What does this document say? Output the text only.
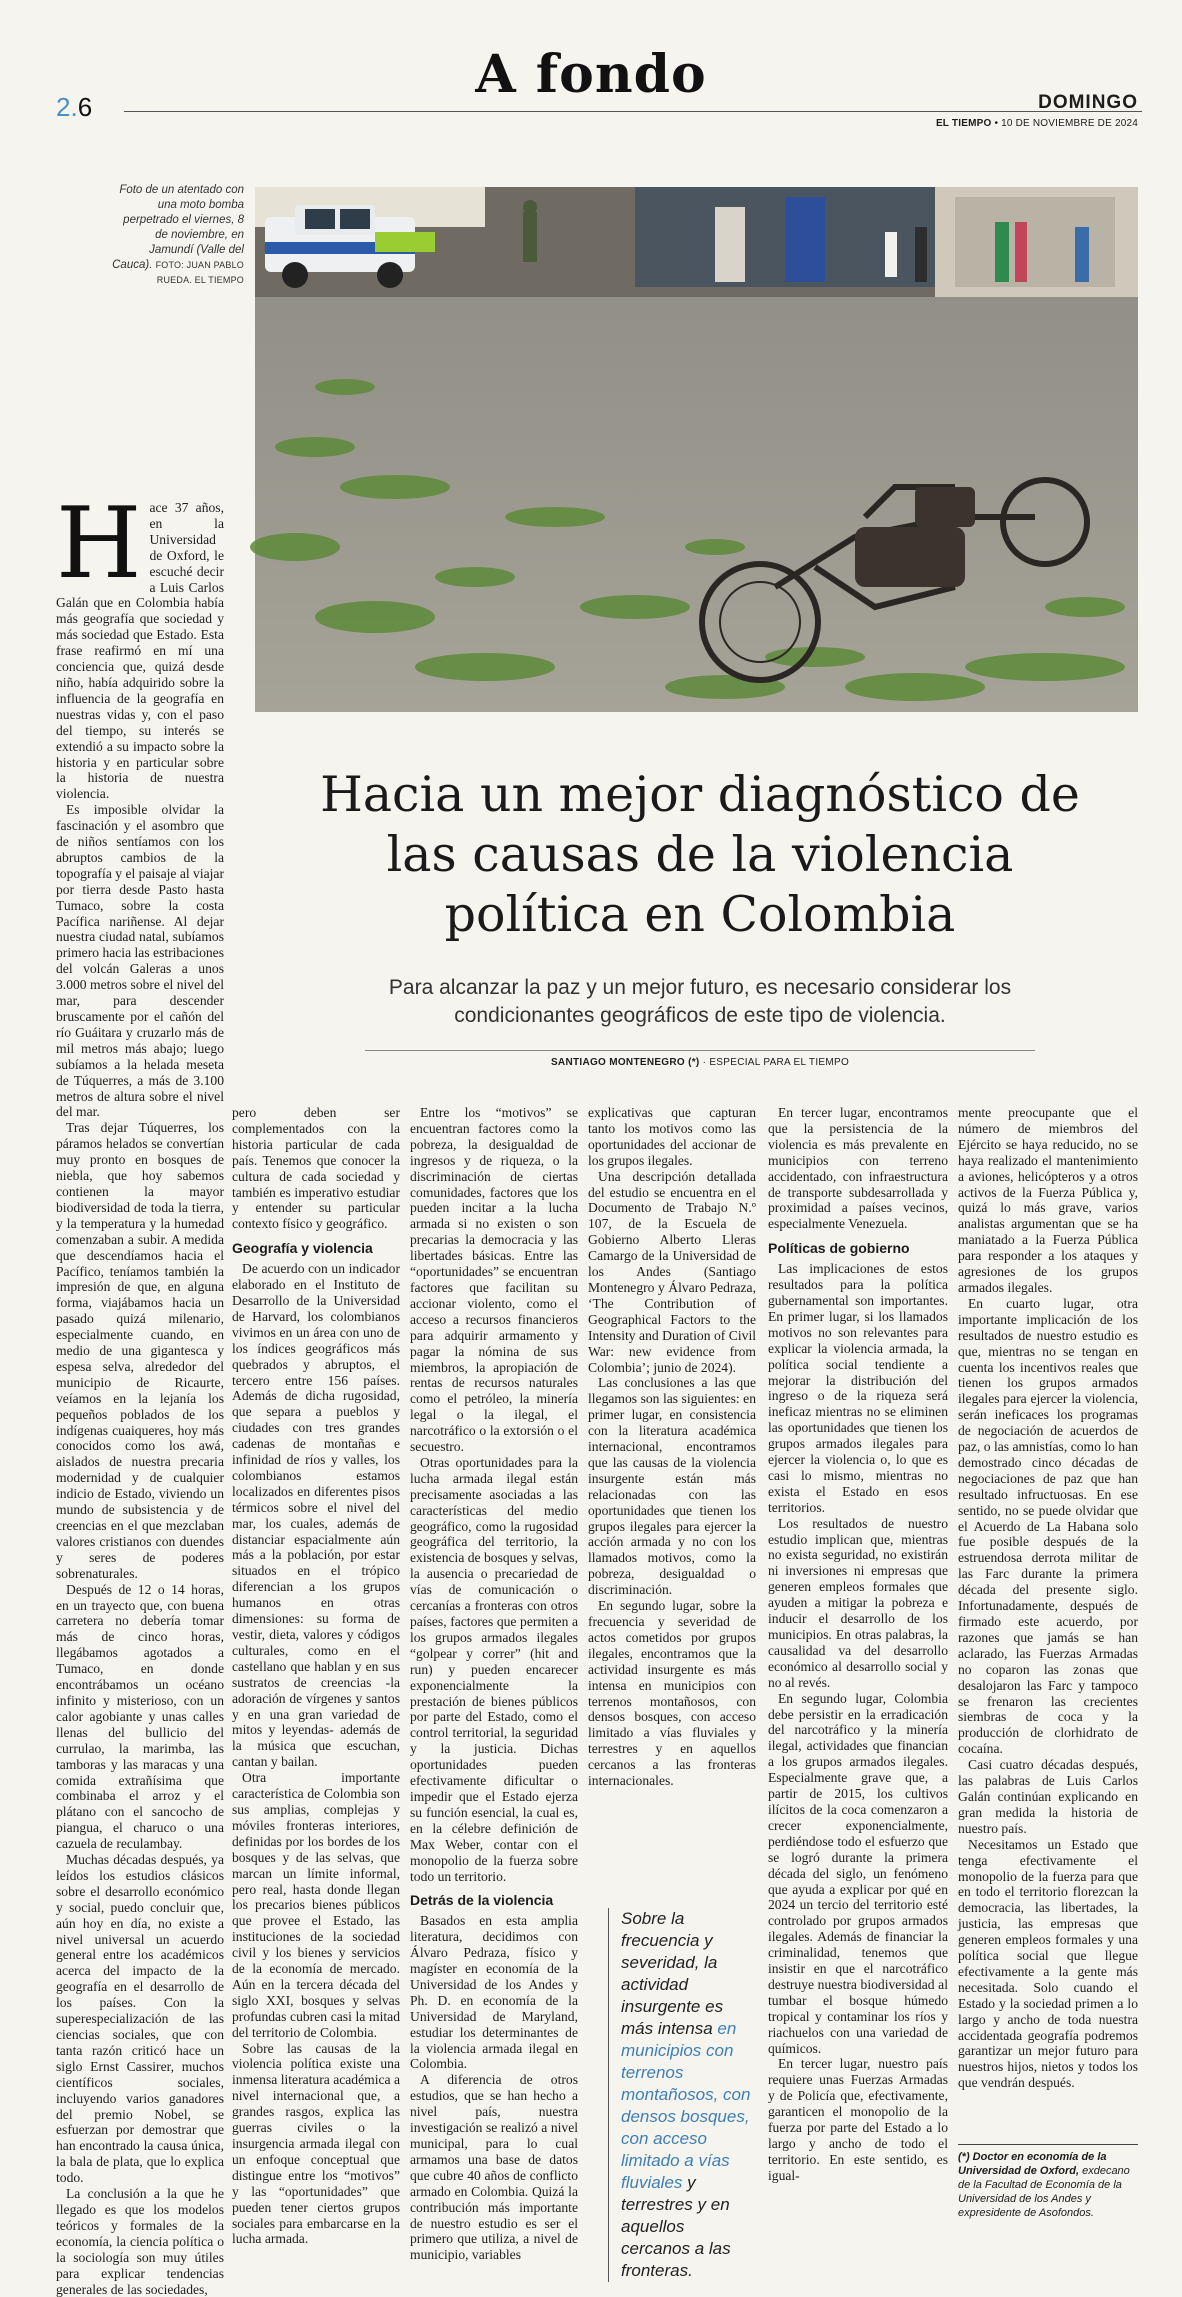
A fondo
2.6	DOMINGO
EL TIEMPO • 10 DE NOVIEMBRE DE 2024
Foto de un atentado con una moto bomba perpetrado el viernes, 8 de noviembre, en Jamundí (Valle del Cauca). FOTO: JUAN PABLO RUEDA. EL TIEMPO
Hacia un mejor diagnóstico de las causas de la violencia política en Colombia
Para alcanzar la paz y un mejor futuro, es necesario considerar los condicionantes geográficos de este tipo de violencia.
SANTIAGO MONTENEGRO (*) · ESPECIAL PARA EL TIEMPO
H ace 37 años, en la Universidad de Oxford, le escuché decir a Luis Carlos Galán que en Colombia había más geografía que sociedad y más sociedad que Estado. Esta frase reafirmó en mí una conciencia que, quizá desde niño, había adquirido sobre la influencia de la geografía en nuestras vidas y, con el paso del tiempo, su interés se extendió a su impacto sobre la historia y en particular sobre la historia de nuestra violencia.

Es imposible olvidar la fascinación y el asombro que de niños sentíamos con los abruptos cambios de la topografía y el paisaje al viajar por tierra desde Pasto hasta Tumaco, sobre la costa Pacífica nariñense. Al dejar nuestra ciudad natal, subíamos primero hacia las estribaciones del volcán Galeras a unos 3.000 metros sobre el nivel del mar, para descender bruscamente por el cañón del río Guáitara y cruzarlo más de mil metros más abajo; luego subíamos a la helada meseta de Túquerres, a más de 3.100 metros de altura sobre el nivel del mar.

Tras dejar Túquerres, los páramos helados se convertían muy pronto en bosques de niebla, que hoy sabemos contienen la mayor biodiversidad de toda la tierra, y la temperatura y la humedad comenzaban a subir. A medida que descendíamos hacia el Pacífico, teníamos también la impresión de que, en alguna forma, viajábamos hacia un pasado quizá milenario, especialmente cuando, en medio de una gigantesca y espesa selva, alrededor del municipio de Ricaurte, veíamos en la lejanía los pequeños poblados de los indígenas cuaiqueres, hoy más conocidos como los awá, aislados de nuestra precaria modernidad y de cualquier indicio de Estado, viviendo un mundo de subsistencia y de creencias en el que mezclaban valores cristianos con duendes y seres de poderes sobrenaturales.

Después de 12 o 14 horas, en un trayecto que, con buena carretera no debería tomar más de cinco horas, llegábamos agotados a Tumaco, en donde encontrábamos un océano infinito y misterioso, con un calor agobiante y unas calles llenas del bullicio del currulao, la marimba, las tamboras y las maracas y una comida extrañísima que combinaba el arroz y el plátano con el sancocho de piangua, el charuco o una cazuela de reculambay.

Muchas décadas después, ya leídos los estudios clásicos sobre el desarrollo económico y social, puedo concluir que, aún hoy en día, no existe a nivel universal un acuerdo general entre los académicos acerca del impacto de la geografía en el desarrollo de los países. Con la superespecialización de las ciencias sociales, que con tanta razón criticó hace un siglo Ernst Cassirer, muchos científicos sociales, incluyendo varios ganadores del premio Nobel, se esfuerzan por demostrar que han encontrado la causa única, la bala de plata, que lo explica todo.

La conclusión a la que he llegado es que los modelos teóricos y formales de la economía, la ciencia política o la sociología son muy útiles para explicar tendencias generales de las sociedades,

pero deben ser complementados con la historia particular de cada país. Tenemos que conocer la cultura de cada sociedad y también es imperativo estudiar y entender su particular contexto físico y geográfico.

Geografía y violencia

De acuerdo con un indicador elaborado en el Instituto de Desarrollo de la Universidad de Harvard, los colombianos vivimos en un área con uno de los índices geográficos más quebrados y abruptos, el tercero entre 156 países. Además de dicha rugosidad, que separa a pueblos y ciudades con tres grandes cadenas de montañas e infinidad de ríos y valles, los colombianos estamos localizados en diferentes pisos térmicos sobre el nivel del mar, los cuales, además de distanciar espacialmente aún más a la población, por estar situados en el trópico diferencian a los grupos humanos en otras dimensiones: su forma de vestir, dieta, valores y códigos culturales, como en el castellano que hablan y en sus sustratos de creencias -la adoración de vírgenes y santos y en una gran variedad de mitos y leyendas- además de la música que escuchan, cantan y bailan.

Otra importante característica de Colombia son sus amplias, complejas y móviles fronteras interiores, definidas por los bordes de los bosques y de las selvas, que marcan un límite informal, pero real, hasta donde llegan los precarios bienes públicos que provee el Estado, las instituciones de la sociedad civil y los bienes y servicios de la economía de mercado. Aún en la tercera década del siglo XXI, bosques y selvas profundas cubren casi la mitad del territorio de Colombia.

Sobre las causas de la violencia política existe una inmensa literatura académica a nivel internacional que, a grandes rasgos, explica las guerras civiles o la insurgencia armada ilegal con un enfoque conceptual que distingue entre los “motivos” y las “oportunidades” que pueden tener ciertos grupos sociales para embarcarse en la lucha armada.

Entre los “motivos” se encuentran factores como la pobreza, la desigualdad de ingresos y de riqueza, o la discriminación de ciertas comunidades, factores que los pueden incitar a la lucha armada si no existen o son precarias la democracia y las libertades básicas. Entre las “oportunidades” se encuentran factores que facilitan su accionar violento, como el acceso a recursos financieros para adquirir armamento y pagar la nómina de sus miembros, la apropiación de rentas de recursos naturales como el petróleo, la minería legal o la ilegal, el narcotráfico o la extorsión o el secuestro.

Otras oportunidades para la lucha armada ilegal están precisamente asociadas a las características del medio geográfico, como la rugosidad geográfica del territorio, la existencia de bosques y selvas, la ausencia o precariedad de vías de comunicación o cercanías a fronteras con otros países, factores que permiten a los grupos armados ilegales “golpear y correr” (hit and run) y pueden encarecer exponencialmente la prestación de bienes públicos por parte del Estado, como el control territorial, la seguridad y la justicia. Dichas oportunidades pueden efectivamente dificultar o impedir que el Estado ejerza su función esencial, la cual es, en la célebre definición de Max Weber, contar con el monopolio de la fuerza sobre todo un territorio.

Detrás de la violencia

Basados en esta amplia literatura, decidimos con Álvaro Pedraza, físico y magíster en economía de la Universidad de los Andes y Ph. D. en economía de la Universidad de Maryland, estudiar los determinantes de la violencia armada ilegal en Colombia.

A diferencia de otros estudios, que se han hecho a nivel país, nuestra investigación se realizó a nivel municipal, para lo cual armamos una base de datos que cubre 40 años de conflicto armado en Colombia. Quizá la contribución más importante de nuestro estudio es ser el primero que utiliza, a nivel de municipio, variables

explicativas que capturan tanto los motivos como las oportunidades del accionar de los grupos ilegales.

Una descripción detallada del estudio se encuentra en el Documento de Trabajo N.º 107, de la Escuela de Gobierno Alberto Lleras Camargo de la Universidad de los Andes (Santiago Montenegro y Álvaro Pedraza, ‘The Contribution of Geographical Factors to the Intensity and Duration of Civil War: new evidence from Colombia’; junio de 2024).

Las conclusiones a las que llegamos son las siguientes: en primer lugar, en consistencia con la literatura académica internacional, encontramos que las causas de la violencia insurgente están más relacionadas con las oportunidades que tienen los grupos ilegales para ejercer la acción armada y no con los llamados motivos, como la pobreza, desigualdad o discriminación.

En segundo lugar, sobre la frecuencia y severidad de actos cometidos por grupos ilegales, encontramos que la actividad insurgente es más intensa en municipios con terrenos montañosos, con densos bosques, con acceso limitado a vías fluviales y terrestres y en aquellos cercanos a las fronteras internacionales.

Sobre la frecuencia y severidad, la actividad insurgente es más intensa en municipios con terrenos montañosos, con densos bosques, con acceso limitado a vías fluviales y terrestres y en aquellos cercanos a las fronteras.

En tercer lugar, encontramos que la persistencia de la violencia es más prevalente en municipios con terreno accidentado, con infraestructura de transporte subdesarrollada y proximidad a países vecinos, especialmente Venezuela.

Políticas de gobierno

Las implicaciones de estos resultados para la política gubernamental son importantes. En primer lugar, si los llamados motivos no son relevantes para explicar la violencia armada, la política social tendiente a mejorar la distribución del ingreso o de la riqueza será ineficaz mientras no se eliminen las oportunidades que tienen los grupos armados ilegales para ejercer la violencia o, lo que es casi lo mismo, mientras no exista el Estado en esos territorios.

Los resultados de nuestro estudio implican que, mientras no exista seguridad, no existirán ni inversiones ni empresas que generen empleos formales que ayuden a mitigar la pobreza e inducir el desarrollo de los municipios. En otras palabras, la causalidad va del desarrollo económico al desarrollo social y no al revés.

En segundo lugar, Colombia debe persistir en la erradicación del narcotráfico y la minería ilegal, actividades que financian a los grupos armados ilegales. Especialmente grave que, a partir de 2015, los cultivos ilícitos de la coca comenzaron a crecer exponencialmente, perdiéndose todo el esfuerzo que se logró durante la primera década del siglo, un fenómeno que ayuda a explicar por qué en 2024 un tercio del territorio esté controlado por grupos armados ilegales. Además de financiar la criminalidad, tenemos que insistir en que el narcotráfico destruye nuestra biodiversidad al tumbar el bosque húmedo tropical y contaminar los ríos y riachuelos con una variedad de químicos.

En tercer lugar, nuestro país requiere unas Fuerzas Armadas y de Policía que, efectivamente, garanticen el monopolio de la fuerza por parte del Estado a lo largo y ancho de todo el territorio. En este sentido, es igual-

mente preocupante que el número de miembros del Ejército se haya reducido, no se haya realizado el mantenimiento a aviones, helicópteros y a otros activos de la Fuerza Pública y, quizá lo más grave, varios analistas argumentan que se ha maniatado a la Fuerza Pública para responder a los ataques y agresiones de los grupos armados ilegales.

En cuarto lugar, otra importante implicación de los resultados de nuestro estudio es que, mientras no se tengan en cuenta los incentivos reales que tienen los grupos armados ilegales para ejercer la violencia, serán ineficaces los programas de negociación de acuerdos de paz, o las amnistías, como lo han demostrado cinco décadas de negociaciones de paz que han resultado infructuosas. En ese sentido, no se puede olvidar que el Acuerdo de La Habana solo fue posible después de la estruendosa derrota militar de las Farc durante la primera década del presente siglo. Infortunadamente, después de firmado este acuerdo, por razones que jamás se han aclarado, las Fuerzas Armadas no coparon las zonas que desalojaron las Farc y tampoco se frenaron las crecientes siembras de coca y la producción de clorhidrato de cocaína.

Casi cuatro décadas después, las palabras de Luis Carlos Galán continúan explicando en gran medida la historia de nuestro país.

Necesitamos un Estado que tenga efectivamente el monopolio de la fuerza para que en todo el territorio florezcan la democracia, las libertades, la justicia, las empresas que generen empleos formales y una política social que llegue efectivamente a la gente más necesitada. Solo cuando el Estado y la sociedad primen a lo largo y ancho de toda nuestra accidentada geografía podremos garantizar un mejor futuro para nuestros hijos, nietos y todos los que vendrán después.

(*) Doctor en economía de la Universidad de Oxford, exdecano de la Facultad de Economía de la Universidad de los Andes y expresidente de Asofondos.
